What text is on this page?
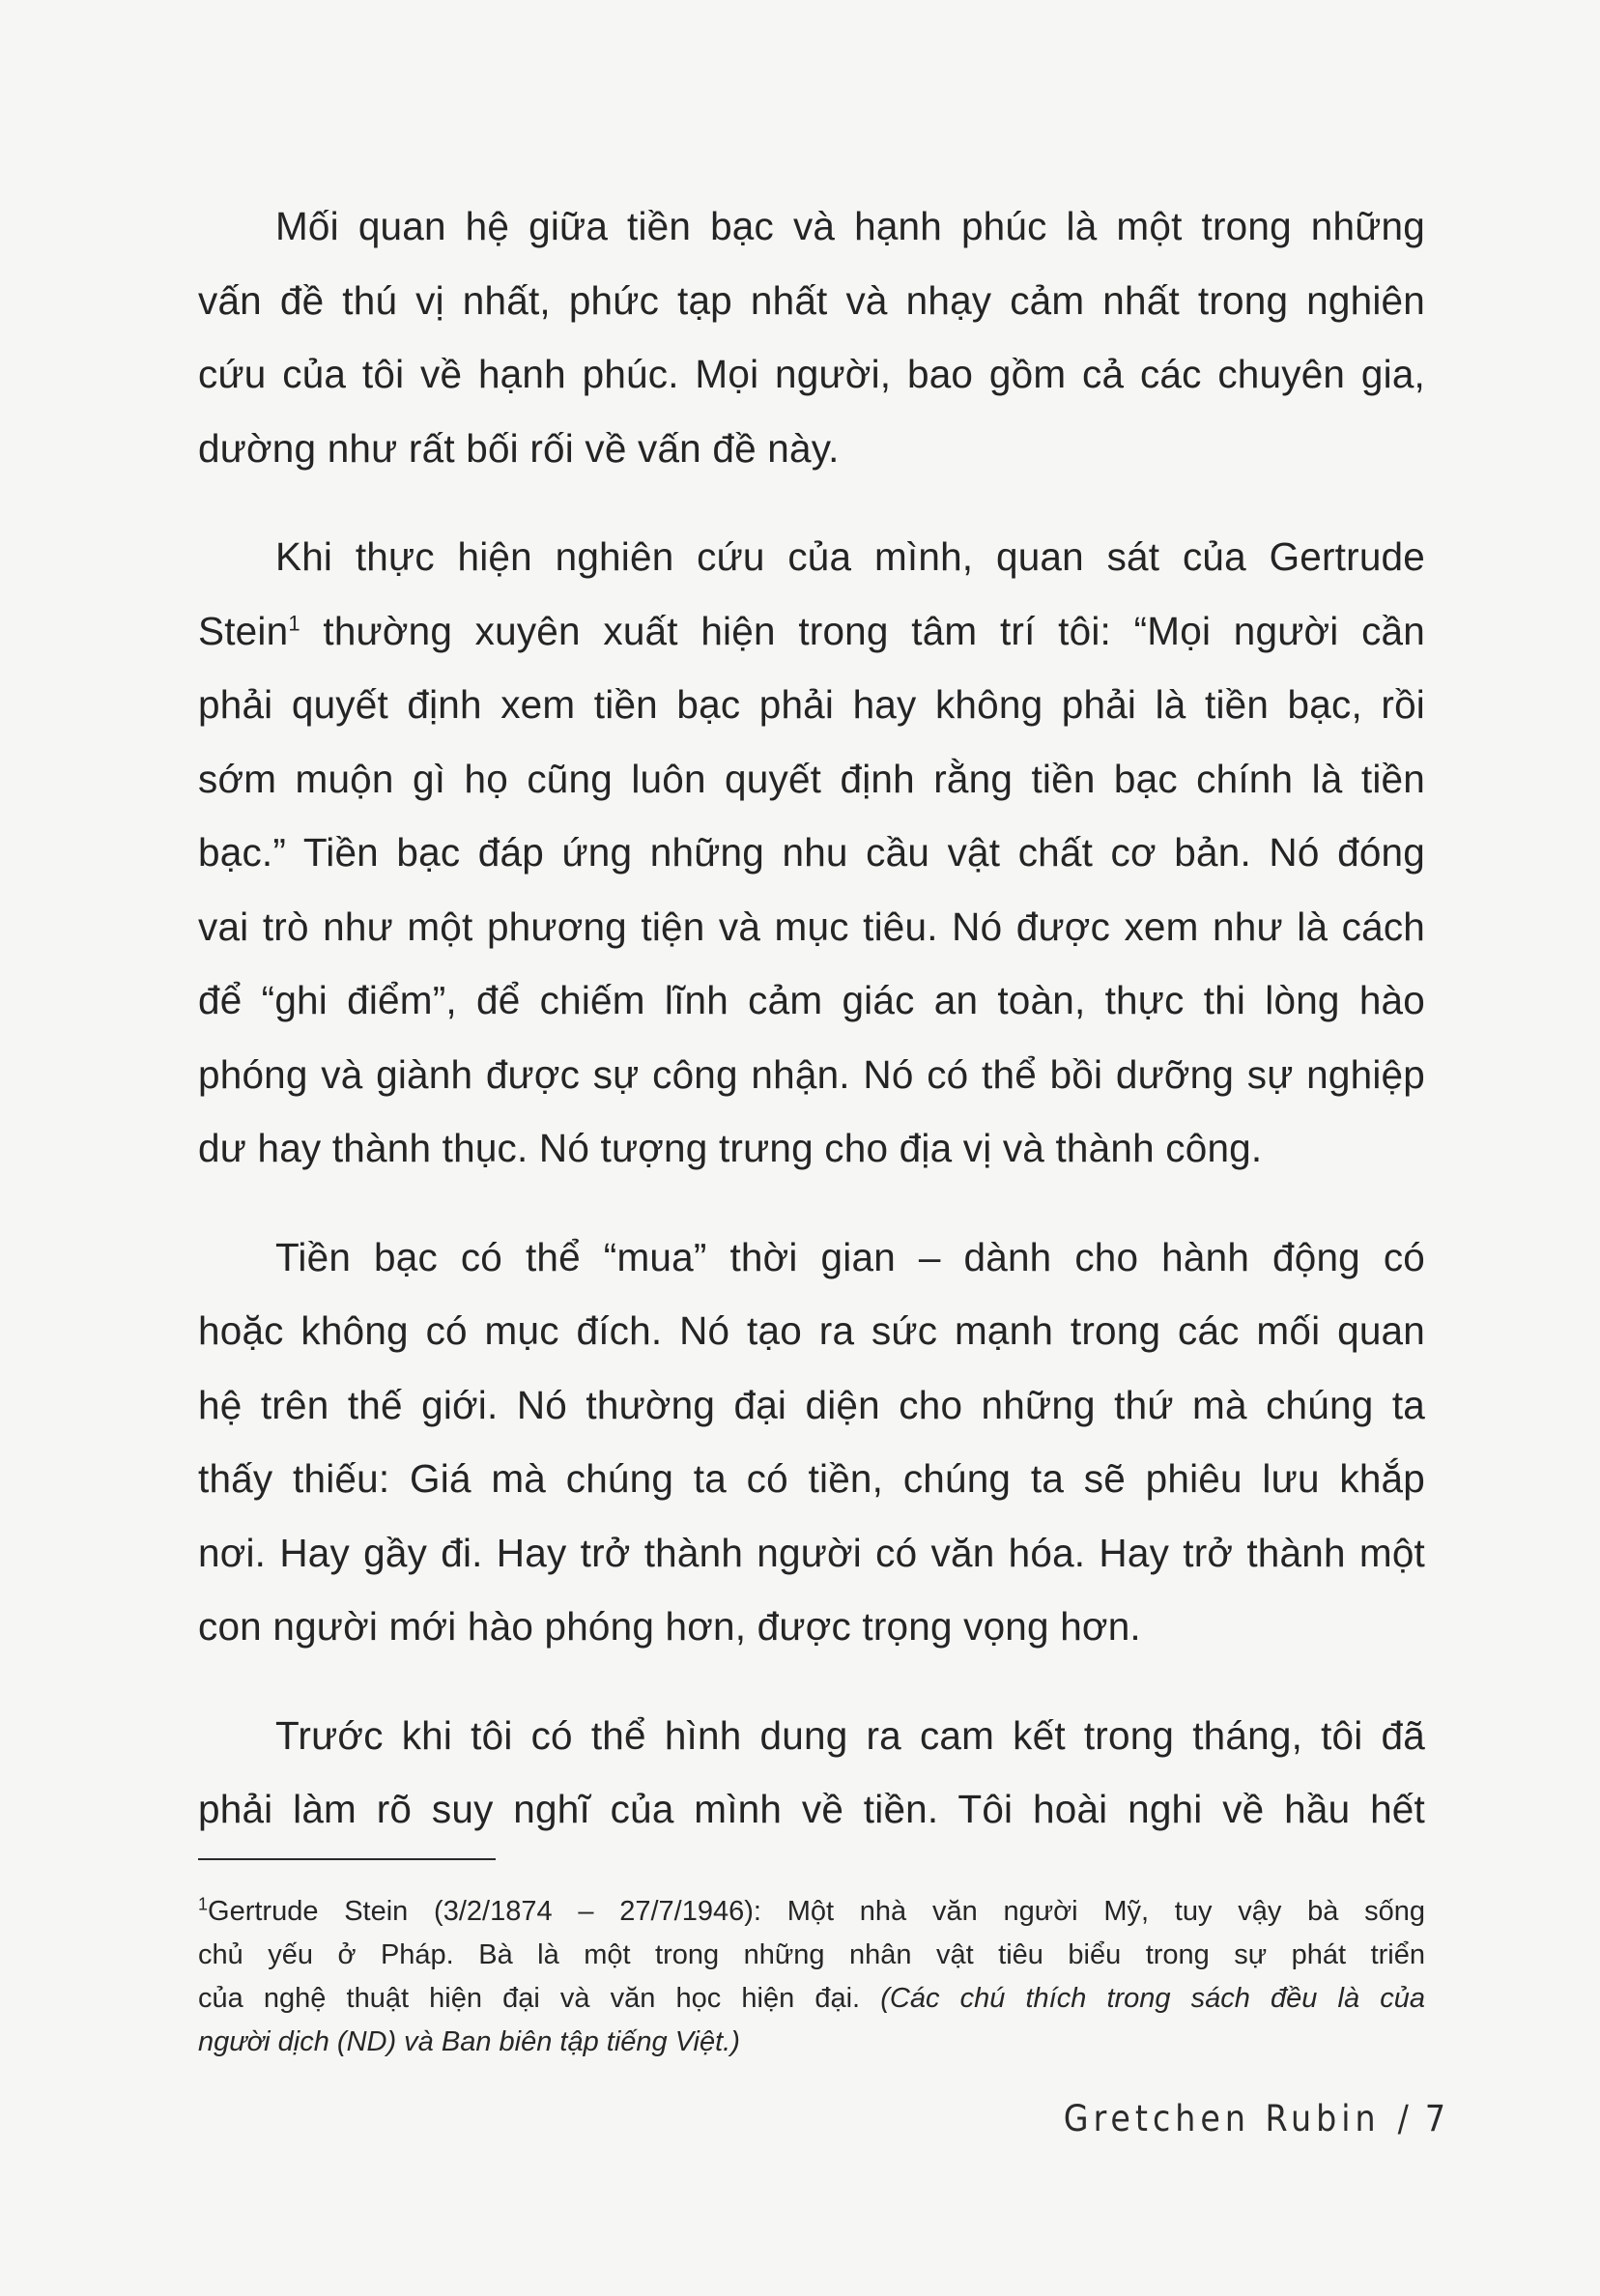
Mối quan hệ giữa tiền bạc và hạnh phúc là một trong những
vấn đề thú vị nhất, phức tạp nhất và nhạy cảm nhất trong nghiên
cứu của tôi về hạnh phúc. Mọi người, bao gồm cả các chuyên gia,
dường như rất bối rối về vấn đề này.

Khi thực hiện nghiên cứu của mình, quan sát của Gertrude
Stein$^1$ thường xuyên xuất hiện trong tâm trí tôi: “Mọi người cần
phải quyết định xem tiền bạc phải hay không phải là tiền bạc, rồi
sớm muộn gì họ cũng luôn quyết định rằng tiền bạc chính là tiền
bạc.” Tiền bạc đáp ứng những nhu cầu vật chất cơ bản. Nó đóng
vai trò như một phương tiện và mục tiêu. Nó được xem như là cách
để “ghi điểm”, để chiếm lĩnh cảm giác an toàn, thực thi lòng hào
phóng và giành được sự công nhận. Nó có thể bồi dưỡng sự nghiệp
dư hay thành thục. Nó tượng trưng cho địa vị và thành công.

Tiền bạc có thể “mua” thời gian – dành cho hành động có
hoặc không có mục đích. Nó tạo ra sức mạnh trong các mối quan
hệ trên thế giới. Nó thường đại diện cho những thứ mà chúng ta
thấy thiếu: Giá mà chúng ta có tiền, chúng ta sẽ phiêu lưu khắp
nơi. Hay gầy đi. Hay trở thành người có văn hóa. Hay trở thành một
con người mới hào phóng hơn, được trọng vọng hơn.

Trước khi tôi có thể hình dung ra cam kết trong tháng, tôi đã
phải làm rõ suy nghĩ của mình về tiền. Tôi hoài nghi về hầu hết

$^1$Gertrude Stein (3/2/1874 – 27/7/1946): Một nhà văn người Mỹ, tuy vậy bà sống
chủ yếu ở Pháp. Bà là một trong những nhân vật tiêu biểu trong sự phát triển
của nghệ thuật hiện đại và văn học hiện đại. (Các chú thích trong sách đều là của
người dịch (ND) và Ban biên tập tiếng Việt.)
Gretchen Rubin / 7
